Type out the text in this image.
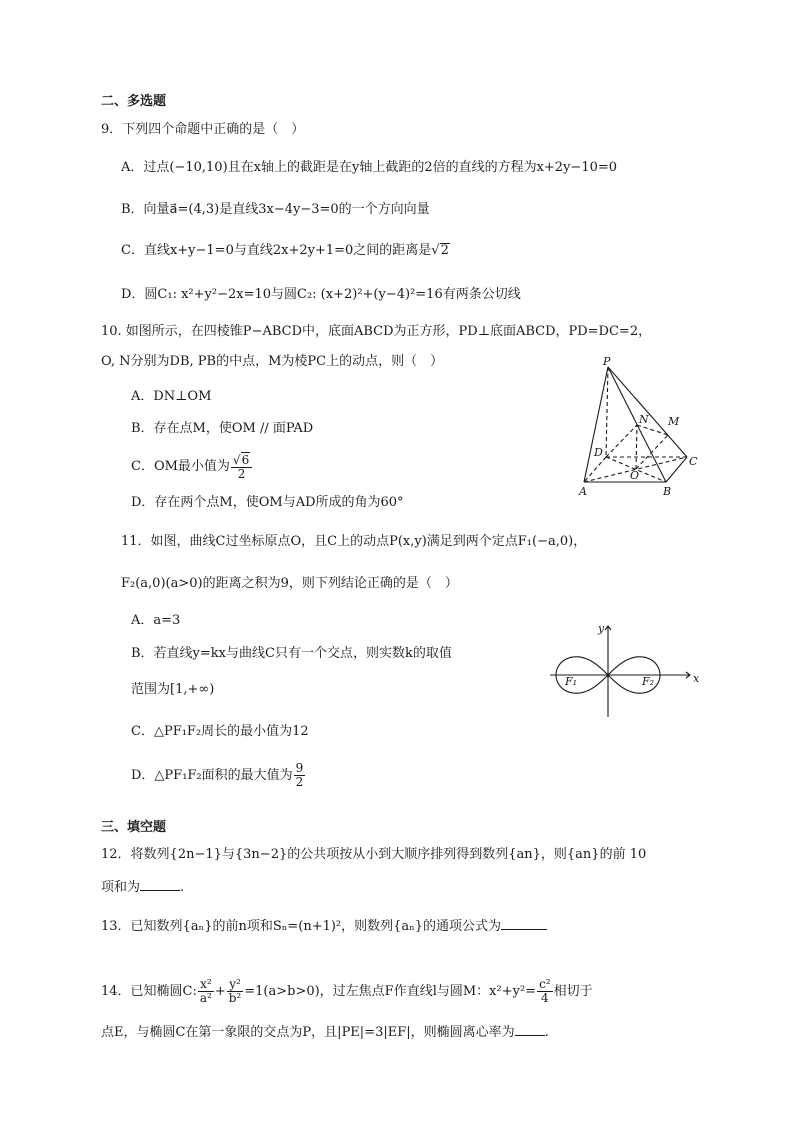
二、多选题
9．下列四个命题中正确的是（　）
A．过点(−10,10)且在x轴上的截距是在y轴上截距的2倍的直线的方程为x+2y−10=0
B．向量a⃗=(4,3)是直线3x−4y−3=0的一个方向向量
C．直线x+y−1=0与直线2x+2y+1=0之间的距离是√2
D．圆C₁: x²+y²−2x=10与圆C₂: (x+2)²+(y−4)²=16有两条公切线
10. 如图所示，在四棱锥P−ABCD中，底面ABCD为正方形，PD⊥底面ABCD，PD=DC=2，
O, N分别为DB, PB的中点，M为棱PC上的动点，则（　）
A．DN⊥OM
B．存在点M，使OM // 面PAD
C．OM最小值为 $\frac{√6}{2}$
D．存在两个点M，使OM与AD所成的角为60°
P
N M
D
C
O
A	B
11．如图，曲线C过坐标原点O，且C上的动点P(x,y)满足到两个定点F₁(−a,0)，
F₂(a,0)(a>0)的距离之积为9，则下列结论正确的是（　）
A．a=3
B．若直线y=kx与曲线C只有一个交点，则实数k的取值
范围为[1,+∞)
C．△PF₁F₂周长的最小值为12
D．△PF₁F₂面积的最大值为 $\frac{9}{2}$
F₁	F₂	x
y
三、填空题
12．将数列{2n−1}与{3n−2}的公共项按从小到大顺序排列得到数列{an}，则{an}的前 10
项和为	.
13．已知数列{aₙ}的前n项和Sₙ=(n+1)²，则数列{aₙ}的通项公式为
14．已知椭圆C: $\frac{\text{x²}}{\text{a²}} + \frac{\text{y²}}{\text{b²}} =1(a>b>0)$，过左焦点F作直线l与圆M：$x^2+y^2= \frac{\text{c²}}{4}$ 相切于
点E，与椭圆C在第一象限的交点为P，且|PE|=3|EF|，则椭圆离心率为 .
